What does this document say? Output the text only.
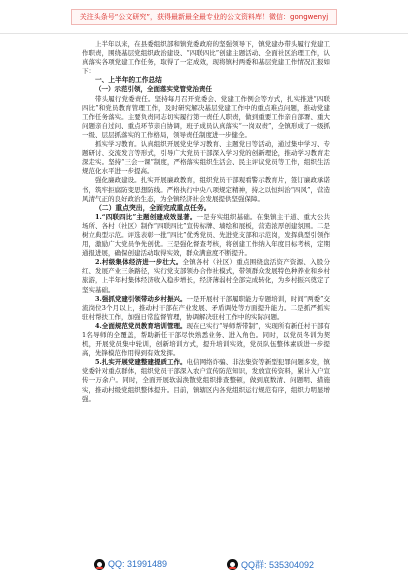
关注头条号“公文研究”，获得最新最全最专业的公文资料库！微信：gongwenyj

上半年以来，在县委组织部和镇党委政府的坚强领导下，镇党建办带头履行党建工作职责，围绕基层党组织政治建设、“四联四比”创建主题活动、全面社区治理工作，认真落实各项党建工作任务，取得了一定成效，现将镇村两委和基层党建工作情况汇报如下：

一、上半年的工作总结

（一）示范引领，全面落实党管党治责任

带头履行党委责任。坚持每月召开党委会、党建工作例会等方式，扎实推进“四联四比”和党员教育管理工作，及时研究解决基层党建工作中的重点难点问题，推动党建工作任务落实。主要负责同志切实履行第一责任人职责，做到重要工作亲自部署、重大问题亲自过问、重点环节亲自协调，班子成员认真落实“一岗双责”，全镇形成了一级抓一级、层层抓落实的工作格局，领导责任制度进一步健全。

抓实学习教育。认真组织开展党史学习教育、主题党日等活动，通过集中学习、专题研讨、交流发言等形式，引导广大党员干部深入学习党的创新理论，推动学习教育走深走实。坚持“三会一课”制度，严格落实组织生活会、民主评议党员等工作，组织生活规范化水平进一步提高。

强化廉政建设。扎实开展廉政教育，组织党员干部观看警示教育片，签订廉政承诺书，筑牢拒腐防变思想防线。严格执行中央八项规定精神，持之以恒纠治“四风”，营造风清气正的良好政治生态，为全镇经济社会发展提供坚强保障。

（二）重点突出，全面完成重点任务。

1.“四联四比”主题创建成效显著。一是夯实组织基础。在集镇主干道、重大公共场所、各村（社区）制作“四联四比”宣传标牌、墙绘和展板，营造浓厚创建氛围。二是树立典型示范。评选表彰一批“四比”优秀党员、先进党支部和示范岗，发挥典型引领作用，激励广大党员争先创优。三是强化督查考核，将创建工作纳入年度目标考核，定期通报进展，确保创建活动取得实效，群众满意度不断提升。

2.村级集体经济进一步壮大。全镇各村（社区）重点围绕盘活资产资源、入股分红、发展产业三条路径，实行党支部领办合作社模式，带领群众发展特色种养业和乡村旅游，上半年村集体经济收入稳步增长，经济薄弱村全部完成转化，为乡村振兴奠定了坚实基础。

3.强抓党建引领带动乡村振兴。一是开展村干部履职能力专题培训，时间“两委”交流岗位3个月以上，推动村干部在产业发展、矛盾调处等方面提升能力。二是抓严抓实驻村帮扶工作，加强日常监督管理，协调解决驻村工作中的实际问题。

4.全面规范党员教育培训管理。现在已实行“导师帮带制”，实现所有新任村干部有1名导师的全覆盖，帮助新任干部尽快熟悉业务、进入角色。同时，以党员冬训为契机，开展党员集中轮训，创新培训方式，提升培训实效，党员队伍整体素质进一步提高，先锋模范作用得到有效发挥。

5.扎实开展党建整建提质工作。电信网络诈骗、非法集资等新型犯罪问题多发，镇党委针对重点群体，组织党员干部深入农户宣传防范知识，发放宣传资料，累计入户宣传一万余户。同时，全面开展软弱涣散党组织排查整顿，做到底数清、问题明、措施实，推动村级党组织整体提升。目前，镇辖区内各党组织运行规范有序，组织力明显增强。

QQ: 31991489	QQ群: 535304092
